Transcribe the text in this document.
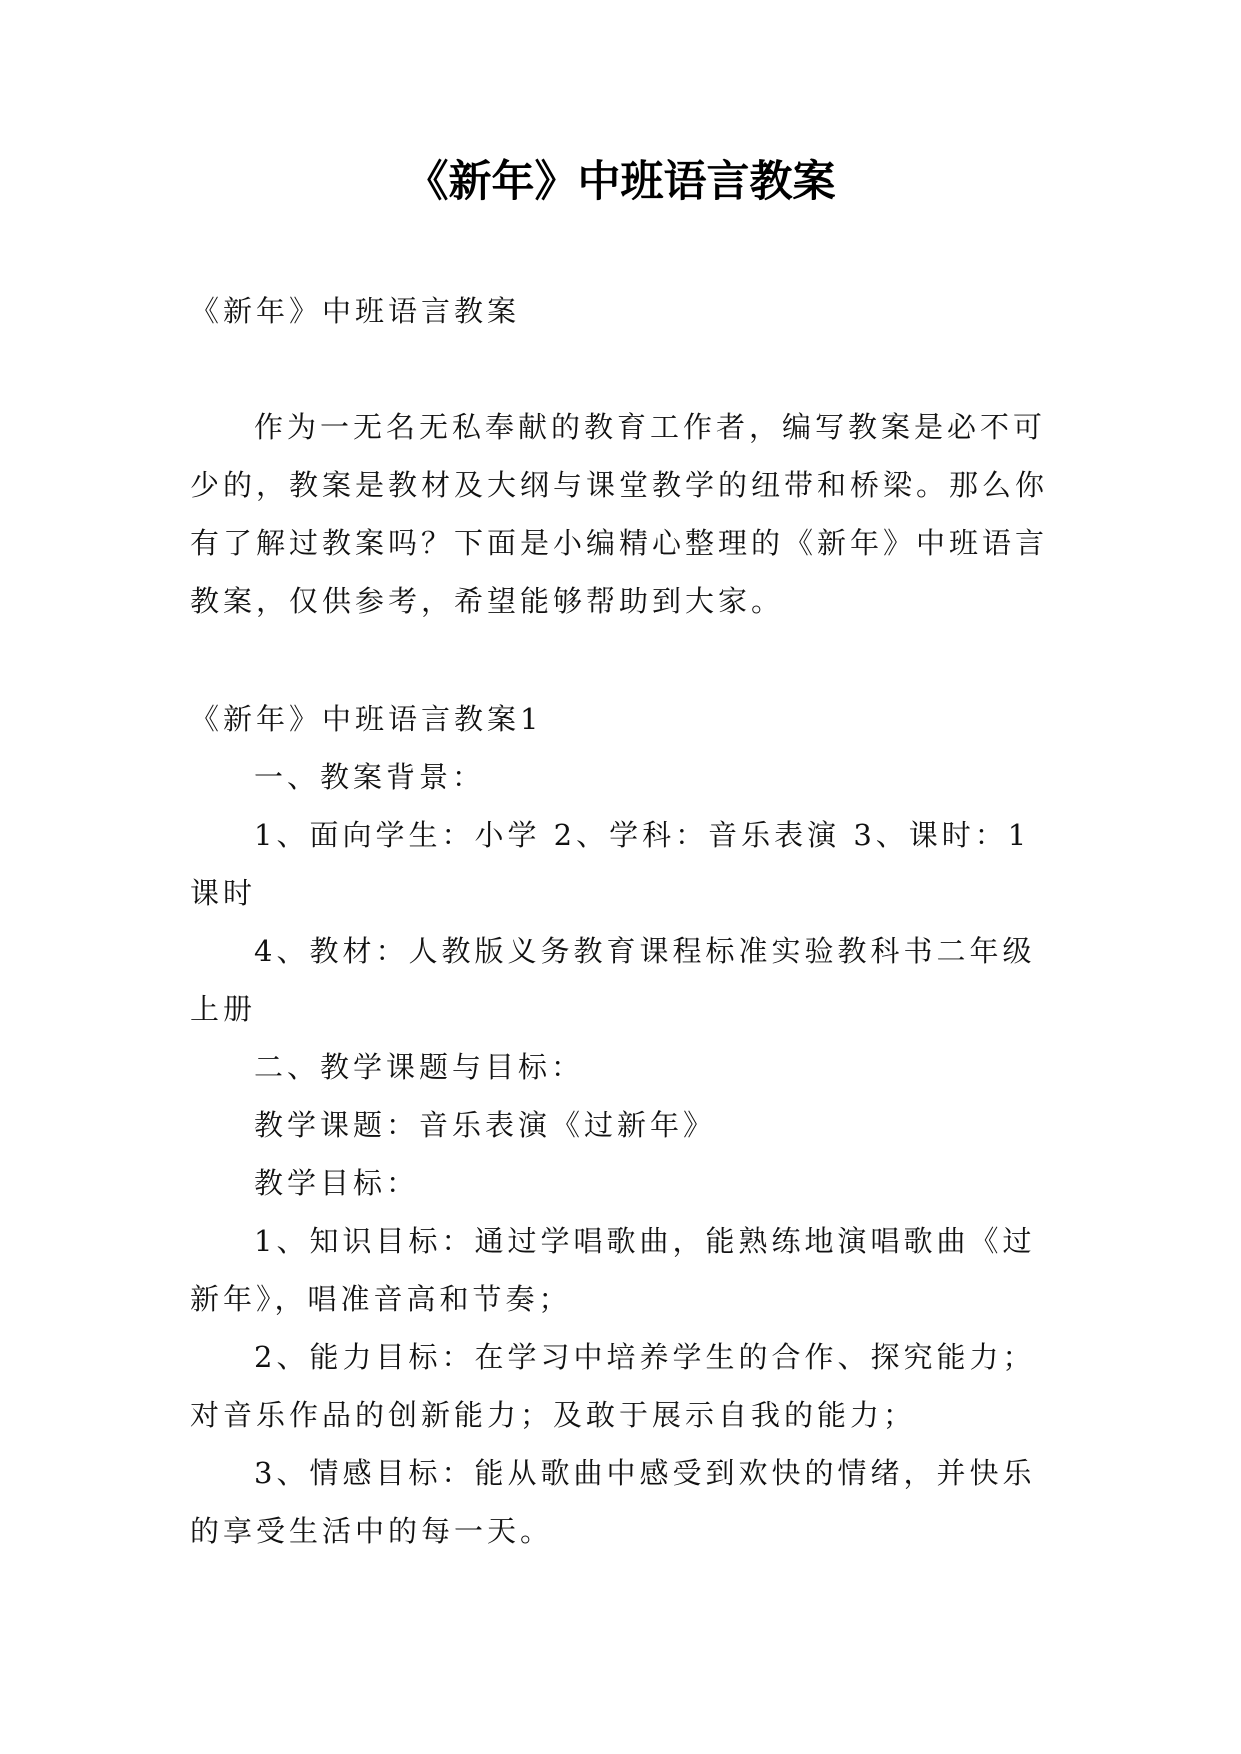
《新年》中班语言教案

《新年》中班语言教案

作为一无名无私奉献的教育工作者，编写教案是必不可少的，教案是教材及大纲与课堂教学的纽带和桥梁。那么你有了解过教案吗？下面是小编精心整理的《新年》中班语言教案，仅供参考，希望能够帮助到大家。

《新年》中班语言教案1

一、教案背景：

1、面向学生：小学 2、学科：音乐表演 3、课时：1课时

4、教材：人教版义务教育课程标准实验教科书二年级上册

二、教学课题与目标：

教学课题：音乐表演《过新年》

教学目标：

1、知识目标：通过学唱歌曲，能熟练地演唱歌曲《过新年》，唱准音高和节奏；

2、能力目标：在学习中培养学生的合作、探究能力；对音乐作品的创新能力；及敢于展示自我的能力；

3、情感目标：能从歌曲中感受到欢快的情绪，并快乐的享受生活中的每一天。
